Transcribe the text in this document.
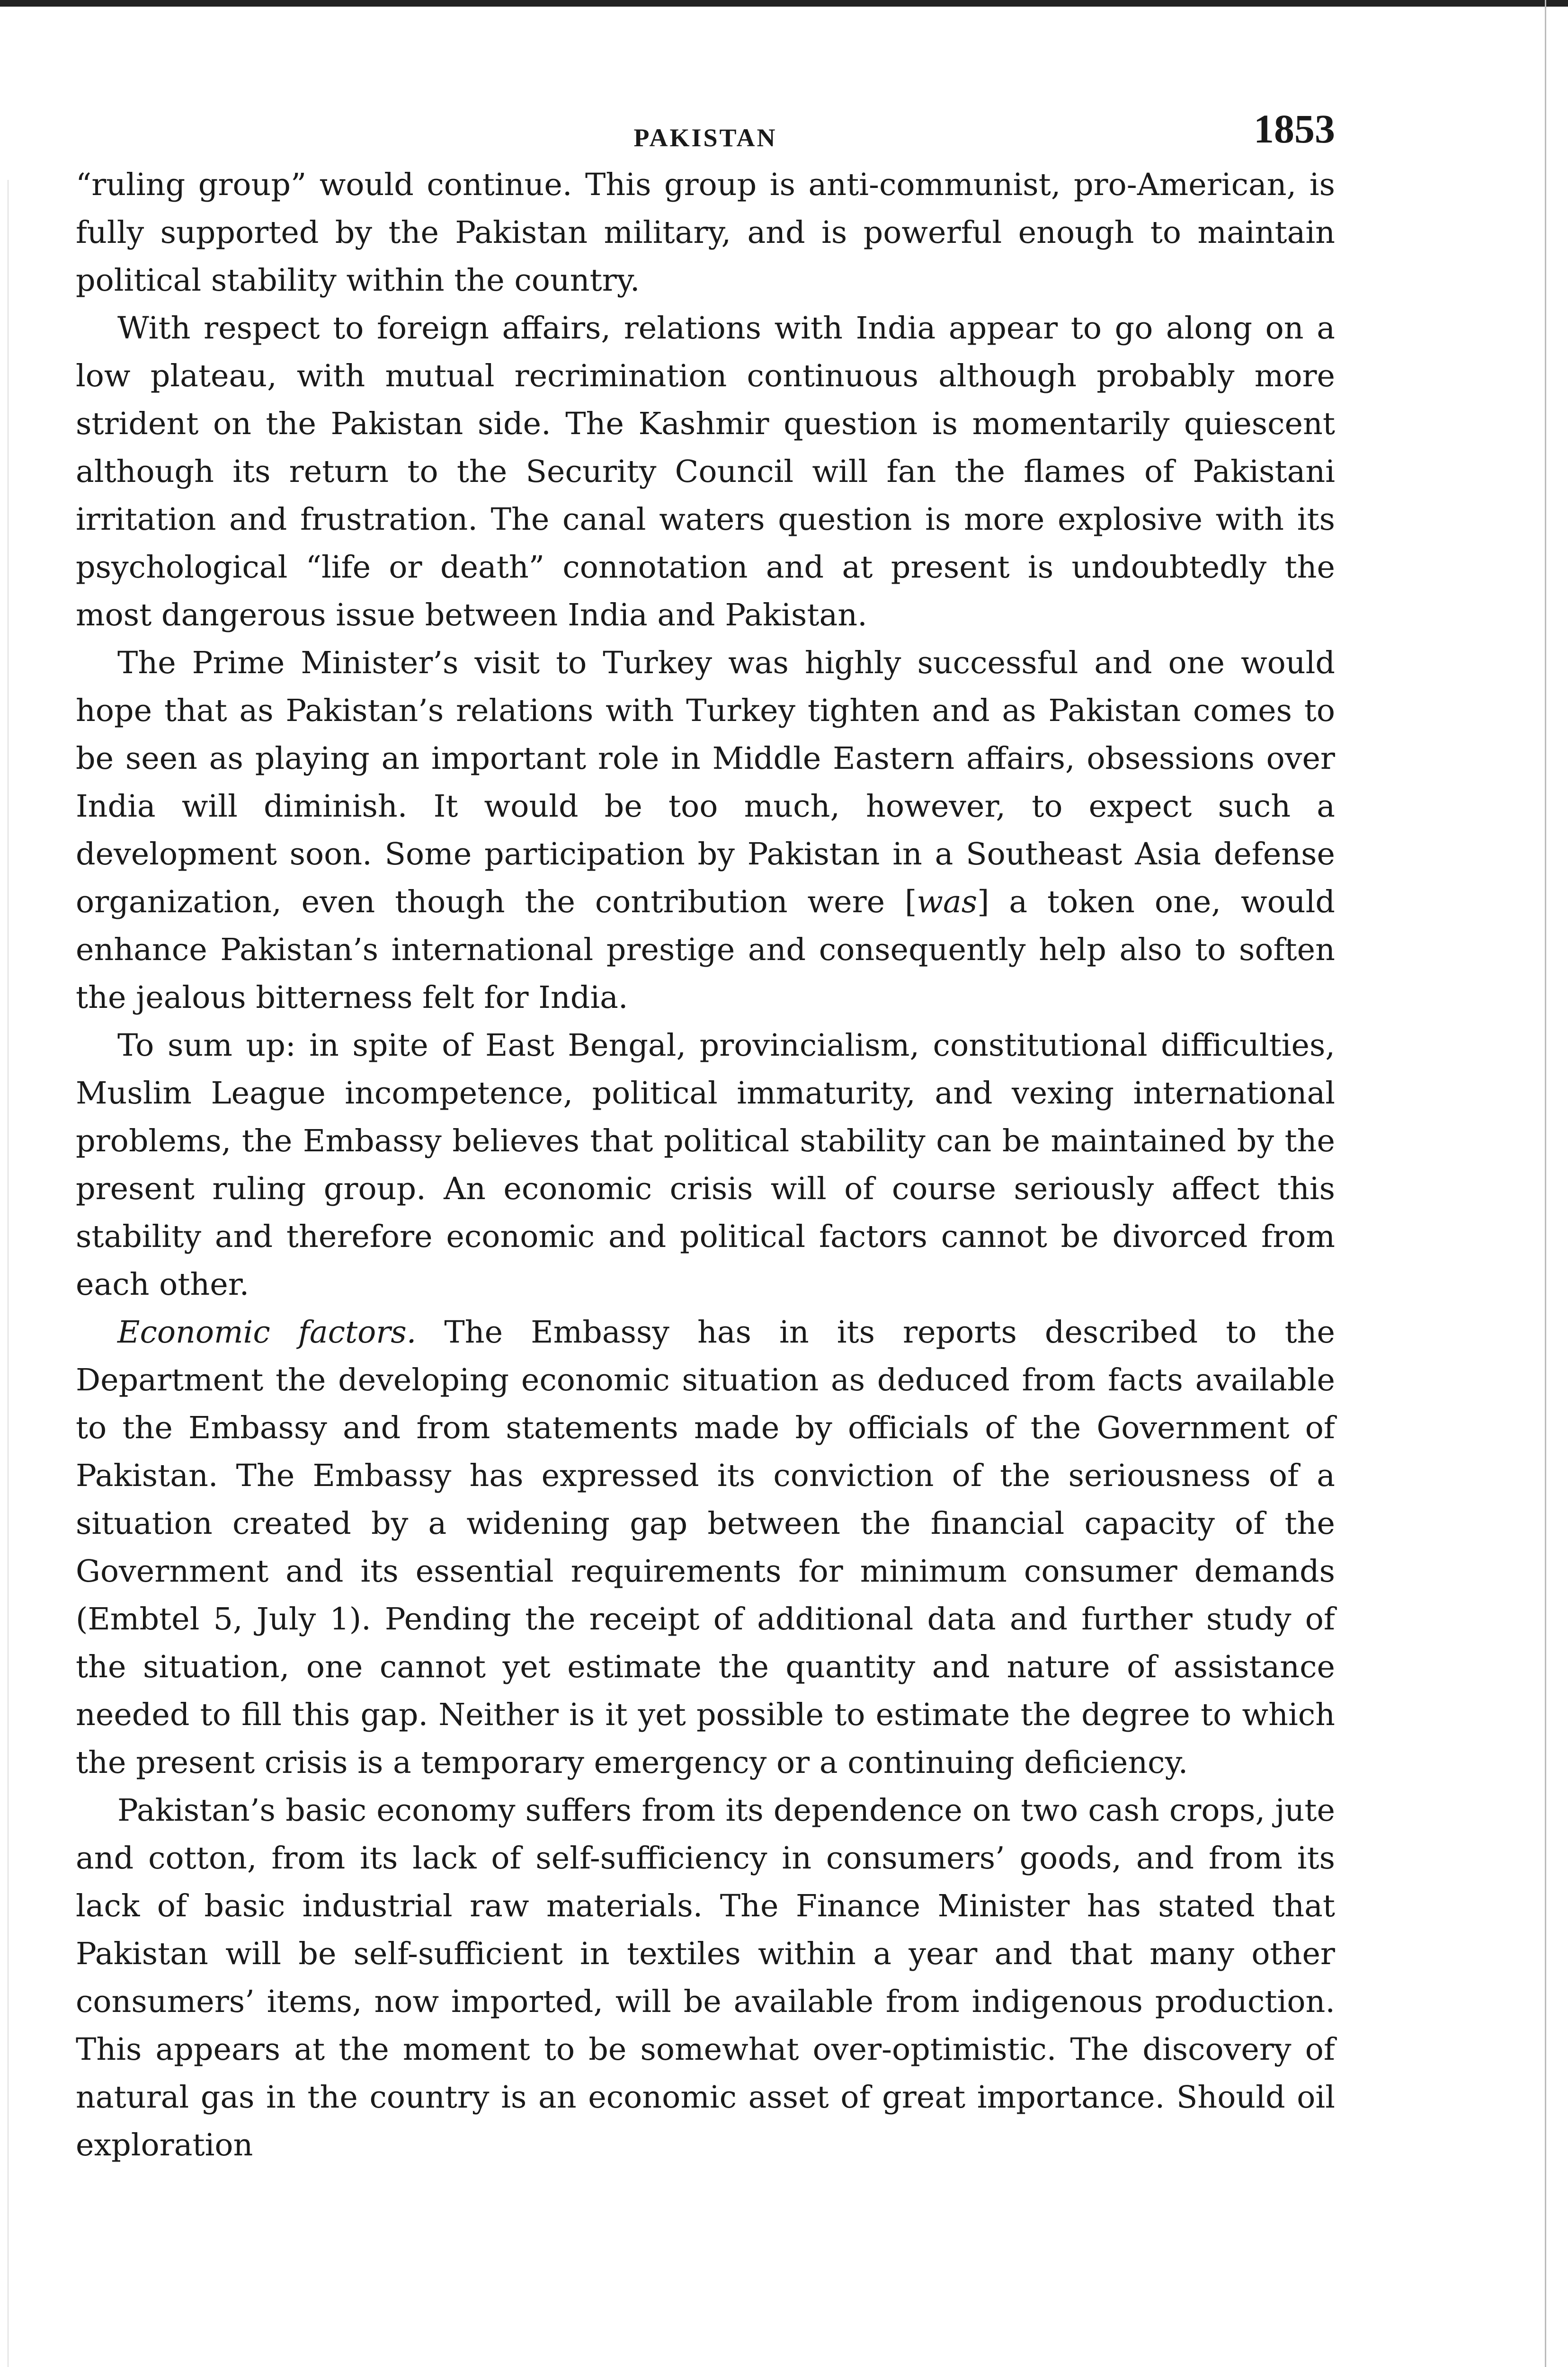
PAKISTAN	1853

“ruling group” would continue. This group is anti-communist, pro-American, is fully supported by the Pakistan military, and is powerful enough to maintain political stability within the country.

With respect to foreign affairs, relations with India appear to go along on a low plateau, with mutual recrimination continuous although probably more strident on the Pakistan side. The Kashmir question is momentarily quiescent although its return to the Security Council will fan the flames of Pakistani irritation and frustration. The canal waters question is more explosive with its psychological “life or death” connotation and at present is undoubtedly the most dangerous issue between India and Pakistan.

The Prime Minister’s visit to Turkey was highly successful and one would hope that as Pakistan’s relations with Turkey tighten and as Pakistan comes to be seen as playing an important role in Middle Eastern affairs, obsessions over India will diminish. It would be too much, however, to expect such a development soon. Some participation by Pakistan in a Southeast Asia defense organization, even though the contribution were [was] a token one, would enhance Pakistan’s international prestige and consequently help also to soften the jealous bitterness felt for India.

To sum up: in spite of East Bengal, provincialism, constitutional difficulties, Muslim League incompetence, political immaturity, and vexing international problems, the Embassy believes that political stability can be maintained by the present ruling group. An economic crisis will of course seriously affect this stability and therefore economic and political factors cannot be divorced from each other.

Economic factors. The Embassy has in its reports described to the Department the developing economic situation as deduced from facts available to the Embassy and from statements made by officials of the Government of Pakistan. The Embassy has expressed its conviction of the seriousness of a situation created by a widening gap between the financial capacity of the Government and its essential requirements for minimum consumer demands (Embtel 5, July 1). Pending the receipt of additional data and further study of the situation, one cannot yet estimate the quantity and nature of assistance needed to fill this gap. Neither is it yet possible to estimate the degree to which the present crisis is a temporary emergency or a continuing deficiency.

Pakistan’s basic economy suffers from its dependence on two cash crops, jute and cotton, from its lack of self-sufficiency in consumers’ goods, and from its lack of basic industrial raw materials. The Finance Minister has stated that Pakistan will be self-sufficient in textiles within a year and that many other consumers’ items, now imported, will be available from indigenous production. This appears at the moment to be somewhat over-optimistic. The discovery of natural gas in the country is an economic asset of great importance. Should oil exploration
